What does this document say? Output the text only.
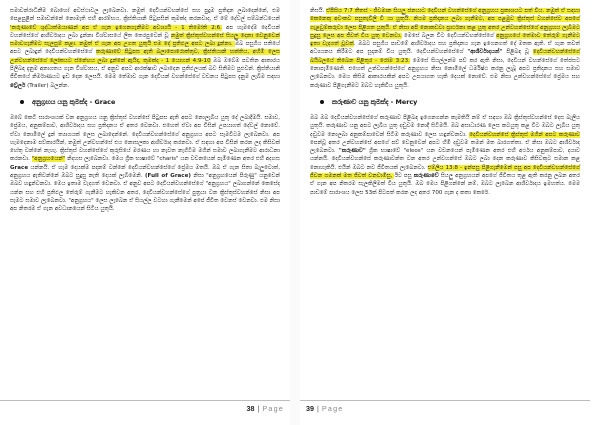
සමාවන්රාධිනීම බොහෝ අවස්ථාවල ලැබෙනවා. නමුත් දෙවියන්වහන්සේ සහ පුදුම ප්‍රතිදාන ලබාදෙන්නේ, එම පෙළපුළින් සමාවන්නේ නොමැති එහි ආරම්භය, ක්‍රිස්තියානි පිටුපසින් කුමක්ද කරනවාද, ඒ මේ දේවල් සම්බන්ධයෙන් 'කරුණාවේ ශුද්ධාත්මයාණන් අප ඒ ගැන ඉගෙනගැනීමට අවශ්‍යයි - 1 තිමෝති 2:6. අප හැමදේම දෙවියන් වහන්සේගේ ආශීර්වාදය ලබා දුන්නා විශ්වාසයේ ලිත තෙරපුවෙන් වූ නමුත් ක්‍රිස්තුස්වහන්සේ සියලු දෙනා වෙනුවෙන් සමාවගැනීමට සැලසුම් කළා. නමුත් ඒ ගැන අප උගත යුතුයි එම දේ ප්‍රතිඵල අපට ලබා දුන්නා. ඔබ පසුගිය සතියේ අපට ලබාදුන් දෙවියන්වහන්සේගේ කරුණාවේ පිටුපස ඇති බලාපොරොත්තුව, ක්‍රිස්තියානි භක්තිය, අහිමි ලෙස උන්වහන්සේගේ ලෝකයට ස්නේහය ලබා දුන්නේ ඇයිද, කුමක්ද - 1 යොහන් 4:9-10 ඔබ ඔබේම පවතින ආකාරය පිලිබඳ දැනුම අනාගතය ගැන විශ්වාසය, ඒ අනුව අපට ආරක්ෂාව ලබාදෙන ප්‍රතිඵලයක් බව සිතීමට පුළුවන්. ක්‍රිස්තියානි ජීවිතයේ නිර්මාණයට ඉඩ දෙන ලෙසයි. මෙම තේමාව ගැන දෙවියන් වහන්සේගේ වචනය පිටුපස දැනුම ලැබීම සඳහා ට්‍රේලර් (Trailer) බලන්න.

අනුග්‍රහය යනු කුමක්ද - Grace

ඔබේ කෙටි සාරාංශයක් වන අනුග්‍රහය යනු ක්‍රිස්තුස් වහන්සේ පිටුපස ඇති අපට නොලැබිය යුතු දේ ලබාදීමයි. සමාව, ප්‍රේමය, අනුකම්පාව, ආශීර්වාදය සහ ප්‍රතිදානය ඒ අතර වෙනවා. එහෙත් ඒවා අප විසින් උපයාගත් දේවල් නොවේ. ඒවා නොමිලේ දුන් ත්‍යාගයක් ලෙස ලබාදෙන්නේ. දෙවියන්වහන්සේගේ අනුග්‍රහය අපට සෑමවිටම ලැබෙනවා. අප හැමදෙනාම පව්කාරයින්, නමුත් උන්වහන්සේ එය නොසලකා ආශීර්වාද කරනවා. ඒ සඳහා අප විසින් කරන ලද කිසිවක් හේතු වන්නේ නැහැ. ක්‍රිස්තුස් වහන්සේගේ කුරුසියේ මරණය හා නැවත නැගිටීම මගින් සමාව ලබාගැනීමට ආරාධනා කරනවා. "අනුග්‍රහයෙන්" නිදහස ලැබෙනවා. මෙය ග්‍රීක භාෂාවේ "charis" යන වචනයෙන් පැමිණෙන අතර එහි අදහස Grace යන්නයි. ඒ හැම දෙයක්ම පදනම් වන්නේ දෙවියන්වහන්සේගේ ප්‍රේමය මතයි. ඔබ ඒ ගැන සිතා බැලුවොත්, අනුග්‍රහය ඇතිවන්නේ ඔබට සුදුසු නැති දෙයක් ලැබීමෙනි. (Full of Grace) නිසා "අනුග්‍රහයෙන් පිරුණු" යනුවෙන් ඔබව හඳුන්වනවා. මෙය ඉතාම වැදගත් වෙනවා. ඒ අනුව අපට දෙවියන්වහන්සේගේ "අනුග්‍රහය" ලබාගන්නේ කෙසේද යන්න සහ එහි ප්‍රතිඵල තේරුම් ගැනීමට හැකිවන අතර, දෙවියන්වහන්සේගේ පුත්‍රයා වන ක්‍රිස්තුස්වහන්සේ නිසා අප සැමට සමාව ලැබෙනවා. "අනුග්‍රහය" ලෙස ලැබෙන ඒ සියල්ල වටහා ගැනීමෙන් අපේ ජීවිත වෙනස් වෙනවා. එම නිසා අප නිතරම ඒ ගැන අවධානයෙන් සිටිය යුතුයි.

38 | Page

නිසයි. ඒපීසිය 7:7 තීතස් - ජීවමාන සියලු ජනයාට දෙවියන් වහන්සේගේ අනුග්‍රහය ප්‍රකාශයට පත් විය. නමුත් ඒ සඳහා කෙනෙකු අවංකව පසුතැවිලි වී යා යුතුයි. නියම ප්‍රතිදානය ලබා ගැනීමට, අප පළමුව ක්‍රිස්තුස් වහන්සේව අපගේ ගැළවුම්කරුවා ලෙස පිළිගත යුතුයි. ඒ නිසා අපි නොකඩවා ප්‍රාර්ථනා කළ යුතු අතර උන්වහන්සේගේ අනුග්‍රහය ලැබීමට සුදුසු ලෙස අප ජීවත් විය යුතු වෙනවා. මෙසේ බලන විට දෙවියන්වහන්සේගේ අනුග්‍රහයේ තේමාව තේරුම් ගැනීමට ඉතා වැදගත් වූවක්. ඔබට පසුගිය පාඩමේ ආශීර්වාදය සහ ප්‍රතිදානය ගැන ඉගෙනගත් දේ මතක ඇති. ඒ ගැන තවත් අධ්‍යයනය කිරීමට අප සූදානම් විය යුතුයි. දෙවියන්වහන්සේගේ "ආශීර්වාදයන්" පිළිබඳ වූ දෙවියන්වහන්සේගේ බයිබලයේ තිබෙන පිළිතුර - රෝම 3:23. මෙසේ සියල්ලන්ම පව් කර ඇති නිසා, දෙවියන් වහන්සේගේ තේජසට නොපැමිණෙති. එහෙත් උන්වහන්සේගේ අනුග්‍රහය නිසා නොමිලේ ධර්මිෂ්ඨ කරනු ලැබූ අපට ප්‍රතිදානය සහ සමාව ලැබෙනවා. මෙය කිසිම ආකාරයකින් අපට උපයාගත හැකි දෙයක් නොවේ. එම නිසා උන්වහන්සේගේ ප්‍රේමය සහ කරුණාව පිළිගැනීමට ඔබට හැකිවිය යුතුයි.

කරුණාව යනු කුමක්ද - Mercy

ඔබ ඔබ දෙවියන්වහන්සේගේ කරුණාව පිළිබඳ ඉගෙනගන්න කැමතියි නම් ඒ සඳහා ඔබ ක්‍රිස්තුස්වහන්සේ දෙස බැලිය යුතුයි. කරුණාව යනු අපට ලැබිය යුතු දඬුවම නොදී සිටීමයි. ඔබ අසාධාරණ ලෙස කටයුතු කළ විට ඔබට ලැබිය යුතු දඬුවම නොලබා අනුකම්පාවෙන් සිටීම කරුණාව ලෙස හඳුන්වනවා. දෙවියන්වහන්සේ ක්‍රිස්තුස් මගින් අපට කරුණාව පෙන්වූ අතර උන්වහන්සේ අපගේ පව් වෙනුවෙන් අපට හිමි දඬුවම තමන් මත බාරගත්තා. ඒ නිසා ඔබට ආශීර්වාද ලැබෙනවා. "කරුණාව" ග්‍රීක භාෂාවේ "eleos" යන වචනයෙන් පැමිණෙන අතර එහි අර්ථය අනුකම්පාව, දයාව යන්නයි. දෙවියන්වහන්සේ කරුණාවන්ත වන අතර උන්වහන්සේ ඔබට ලබා දෙන කරුණාව කිසිවකුට සමාන කළ නොහැකියි. එයින් ඔබට නව ජීවිතයක් ලැබෙනවා. එම්ලිය 13:8 - ඉන්පසු පිළිගැනීමෙන් පසු අප දෙවියන්වහන්සේගේ ජීවන ගමනක් මත ජීවත් වනවාමිසු, ඊට පසු කරුණාවේ සියලු අනුග්‍රහයන් අපගේ ජීවිතය තුළ ඇති කරනු ලබන අතර ඒ ගැන අප නිතරම සැලකිලිමත් විය යුතුයි. ඔබ මෙය පිළිගන්නේ නම්, ඔබට ලැබෙන ආශීර්වාදය ඉමහත්ය. මෙම පාඩමේ සාරාංශය ලෙස 53ක් පිටපත් කරන ලද අතර 700 ගැන ද කතා කෙරේ.

39 | Page
